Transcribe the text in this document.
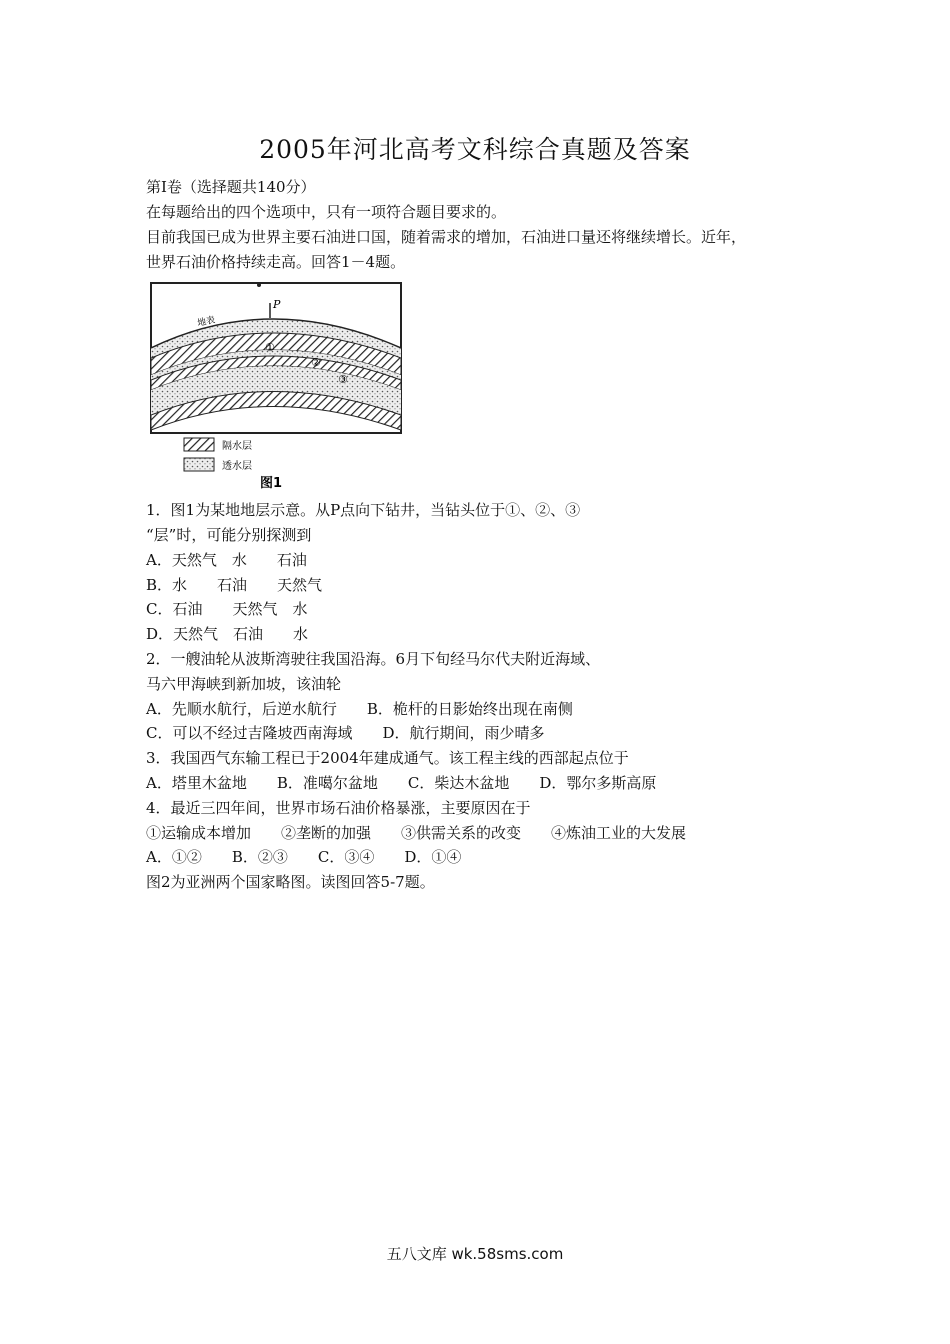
2005年河北高考文科综合真题及答案
第I卷（选择题共140分）
在每题给出的四个选项中，只有一项符合题目要求的。
目前我国已成为世界主要石油进口国，随着需求的增加，石油进口量还将继续增长。近年，
世界石油价格持续走高。回答1－4题。
P
地表
①
②
③
隔水层
透水层
图1
1．图1为某地地层示意。从P点向下钻井，当钻头位于①、②、③
“层”时，可能分别探测到
A．天然气　水　　石油
B．水　　石油　　天然气
C．石油　　天然气　水
D．天然气　石油　　水
2．一艘油轮从波斯湾驶往我国沿海。6月下旬经马尔代夫附近海域、
马六甲海峡到新加坡，该油轮
A．先顺水航行，后逆水航行　　B．桅杆的日影始终出现在南侧
C．可以不经过吉隆坡西南海域　　D．航行期间，雨少晴多
3．我国西气东输工程已于2004年建成通气。该工程主线的西部起点位于
A．塔里木盆地　　B．准噶尔盆地　　C．柴达木盆地　　D．鄂尔多斯高原
4．最近三四年间，世界市场石油价格暴涨，主要原因在于
①运输成本增加　　②垄断的加强　　③供需关系的改变　　④炼油工业的大发展
A．①②　　B．②③　　C．③④　　D．①④
图2为亚洲两个国家略图。读图回答5-7题。
五八文库 wk.58sms.com
